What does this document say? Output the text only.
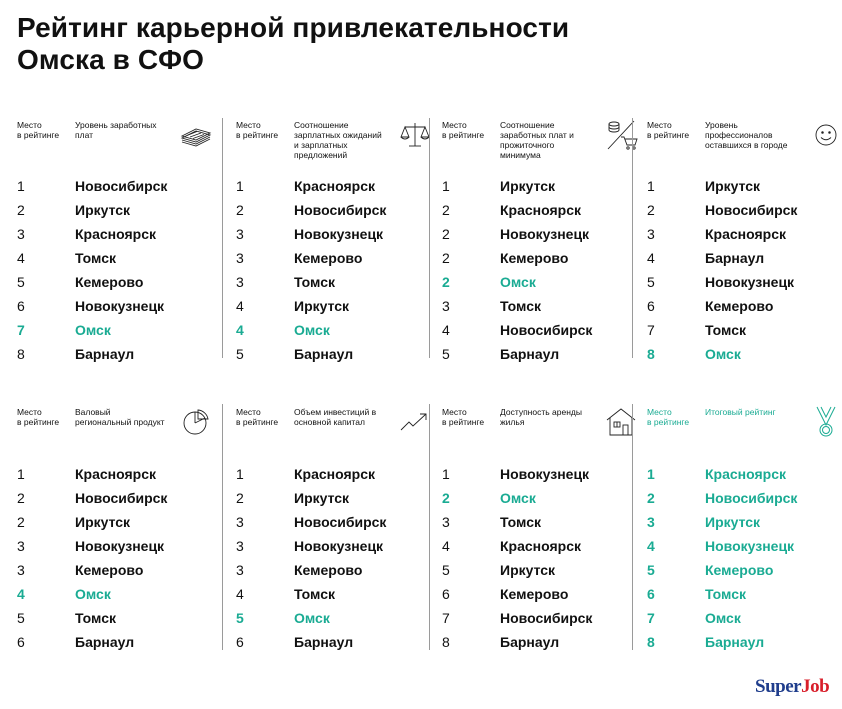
Рейтинг карьерной привлекательности
Омска в СФО
Место
в рейтинге
Уровень заработных плат
1	Новосибирск
2	Иркутск
3	Красноярск
4	Томск
5	Кемерово
6	Новокузнецк
7	Омск
8	Барнаул
Место
в рейтинге
Соотношение зарплатных ожиданий и зарплатных предложений
1	Красноярск
2	Новосибирск
3	Новокузнецк
3	Кемерово
3	Томск
4	Иркутск
4	Омск
5	Барнаул
Место
в рейтинге
Соотношение заработных плат и прожиточного минимума
1	Иркутск
2	Красноярск
2	Новокузнецк
2	Кемерово
2	Омск
3	Томск
4	Новосибирск
5	Барнаул
Место
в рейтинге
Уровень профессионалов оставшихся в городе
1	Иркутск
2	Новосибирск
3	Красноярск
4	Барнаул
5	Новокузнецк
6	Кемерово
7	Томск
8	Омск
Место
в рейтинге
Валовый региональный продукт
1	Красноярск
2	Новосибирск
2	Иркутск
3	Новокузнецк
3	Кемерово
4	Омск
5	Томск
6	Барнаул
Место
в рейтинге
Объем инвестиций в основной капитал
1	Красноярск
2	Иркутск
3	Новосибирск
3	Новокузнецк
3	Кемерово
4	Томск
5	Омск
6	Барнаул
Место
в рейтинге
Доступность аренды жилья
1	Новокузнецк
2	Омск
3	Томск
4	Красноярск
5	Иркутск
6	Кемерово
7	Новосибирск
8	Барнаул
Место
в рейтинге
Итоговый рейтинг
1	Красноярск
2	Новосибирск
3	Иркутск
4	Новокузнецк
5	Кемерово
6	Томск
7	Омск
8	Барнаул
SuperJob
